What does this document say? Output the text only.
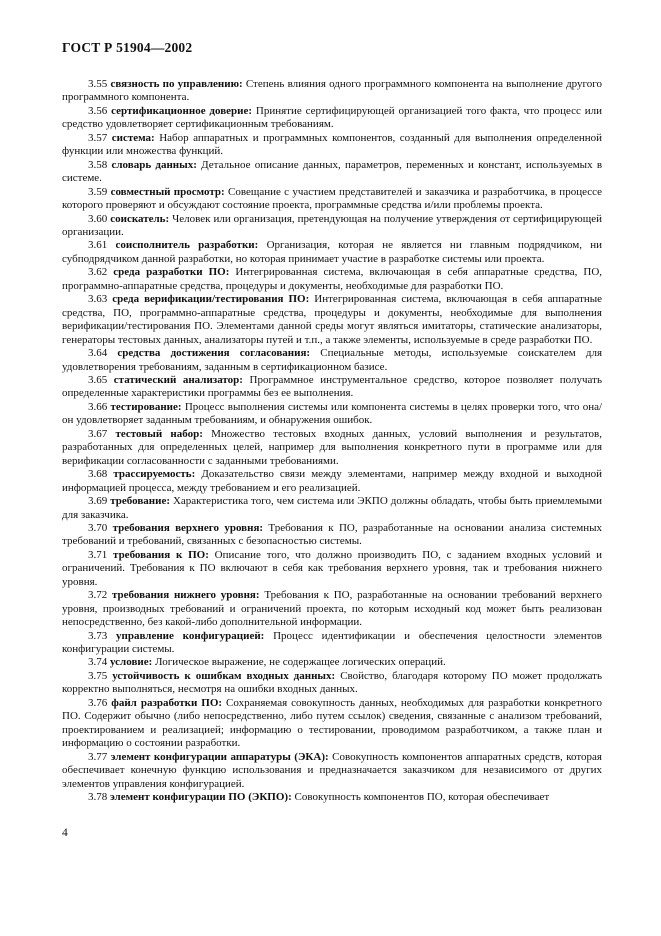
ГОСТ Р 51904—2002

3.55 связность по управлению: Степень влияния одного программного компонента на выполнение другого программного компонента.

3.56 сертификационное доверие: Принятие сертифицирующей организацией того факта, что процесс или средство удовлетворяет сертификационным требованиям.

3.57 система: Набор аппаратных и программных компонентов, созданный для выполнения определенной функции или множества функций.

3.58 словарь данных: Детальное описание данных, параметров, переменных и констант, используемых в системе.

3.59 совместный просмотр: Совещание с участием представителей и заказчика и разработчика, в процессе которого проверяют и обсуждают состояние проекта, программные средства и/или проблемы проекта.

3.60 соискатель: Человек или организация, претендующая на получение утверждения от сертифицирующей организации.

3.61 соисполнитель разработки: Организация, которая не является ни главным подрядчиком, ни субподрядчиком данной разработки, но которая принимает участие в разработке системы или проекта.

3.62 среда разработки ПО: Интегрированная система, включающая в себя аппаратные средства, ПО, программно-аппаратные средства, процедуры и документы, необходимые для разработки ПО.

3.63 среда верификации/тестирования ПО: Интегрированная система, включающая в себя аппаратные средства, ПО, программно-аппаратные средства, процедуры и документы, необходимые для выполнения верификации/тестирования ПО. Элементами данной среды могут являться имитаторы, статические анализаторы, генераторы тестовых данных, анализаторы путей и т.п., а также элементы, используемые в среде разработки ПО.

3.64 средства достижения согласования: Специальные методы, используемые соискателем для удовлетворения требованиям, заданным в сертификационном базисе.

3.65 статический анализатор: Программное инструментальное средство, которое позволяет получать определенные характеристики программы без ее выполнения.

3.66 тестирование: Процесс выполнения системы или компонента системы в целях проверки того, что она/он удовлетворяет заданным требованиям, и обнаружения ошибок.

3.67 тестовый набор: Множество тестовых входных данных, условий выполнения и результатов, разработанных для определенных целей, например для выполнения конкретного пути в программе или для верификации согласованности с заданными требованиями.

3.68 трассируемость: Доказательство связи между элементами, например между входной и выходной информацией процесса, между требованием и его реализацией.

3.69 требование: Характеристика того, чем система или ЭКПО должны обладать, чтобы быть приемлемыми для заказчика.

3.70 требования верхнего уровня: Требования к ПО, разработанные на основании анализа системных требований и требований, связанных с безопасностью системы.

3.71 требования к ПО: Описание того, что должно производить ПО, с заданием входных условий и ограничений. Требования к ПО включают в себя как требования верхнего уровня, так и требования нижнего уровня.

3.72 требования нижнего уровня: Требования к ПО, разработанные на основании требований верхнего уровня, производных требований и ограничений проекта, по которым исходный код может быть реализован непосредственно, без какой-либо дополнительной информации.

3.73 управление конфигурацией: Процесс идентификации и обеспечения целостности элементов конфигурации системы.

3.74 условие: Логическое выражение, не содержащее логических операций.

3.75 устойчивость к ошибкам входных данных: Свойство, благодаря которому ПО может продолжать корректно выполняться, несмотря на ошибки входных данных.

3.76 файл разработки ПО: Сохраняемая совокупность данных, необходимых для разработки конкретного ПО. Содержит обычно (либо непосредственно, либо путем ссылок) сведения, связанные с анализом требований, проектированием и реализацией; информацию о тестировании, проводимом разработчиком, а также план и информацию о состоянии разработки.

3.77 элемент конфигурации аппаратуры (ЭКА): Совокупность компонентов аппаратных средств, которая обеспечивает конечную функцию использования и предназначается заказчиком для независимого от других элементов управления конфигурацией.

3.78 элемент конфигурации ПО (ЭКПО): Совокупность компонентов ПО, которая обеспечивает

4
